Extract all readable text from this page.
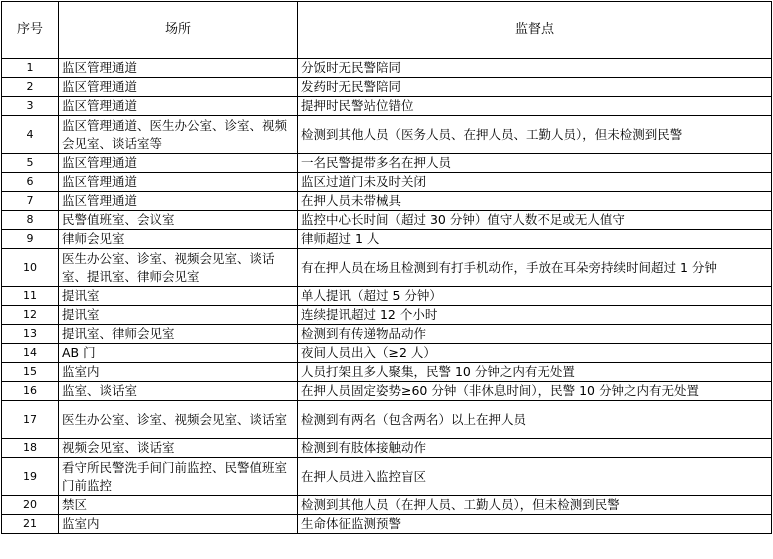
序号	场所	监督点
1	监区管理通道	分饭时无民警陪同
2	监区管理通道	发药时无民警陪同
3	监区管理通道	提押时民警站位错位
4	监区管理通道、医生办公室、诊室、视频会见室、谈话室等	检测到其他人员（医务人员、在押人员、工勤人员），但未检测到民警
5	监区管理通道	一名民警提带多名在押人员
6	监区管理通道	监区过道门未及时关闭
7	监区管理通道	在押人员未带械具
8	民警值班室、会议室	监控中心长时间（超过 30 分钟）值守人数不足或无人值守
9	律师会见室	律师超过 1 人
10	医生办公室、诊室、视频会见室、谈话室、提讯室、律师会见室	有在押人员在场且检测到有打手机动作，手放在耳朵旁持续时间超过 1 分钟
11	提讯室	单人提讯（超过 5 分钟）
12	提讯室	连续提讯超过 12 个小时
13	提讯室、律师会见室	检测到有传递物品动作
14	AB 门	夜间人员出入（≥2 人）
15	监室内	人员打架且多人聚集，民警 10 分钟之内有无处置
16	监室、谈话室	在押人员固定姿势≥60 分钟（非休息时间），民警 10 分钟之内有无处置
17	医生办公室、诊室、视频会见室、谈话室	检测到有两名（包含两名）以上在押人员
18	视频会见室、谈话室	检测到有肢体接触动作
19	看守所民警洗手间门前监控、民警值班室门前监控	在押人员进入监控盲区
20	禁区	检测到其他人员（在押人员、工勤人员），但未检测到民警
21	监室内	生命体征监测预警
